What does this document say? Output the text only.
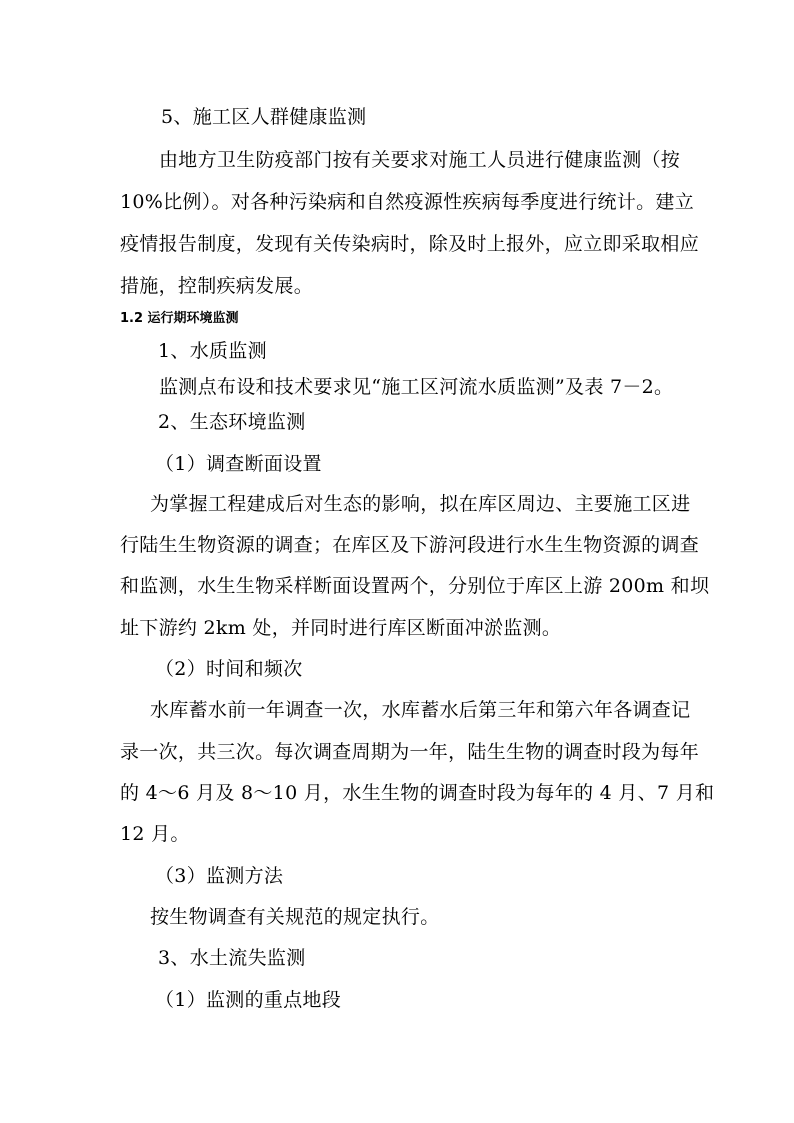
5、施工区人群健康监测
由地方卫生防疫部门按有关要求对施工人员进行健康监测（按
10%比例）。对各种污染病和自然疫源性疾病每季度进行统计。建立
疫情报告制度，发现有关传染病时，除及时上报外，应立即采取相应
措施，控制疾病发展。
1.2 运行期环境监测
1、水质监测
监测点布设和技术要求见“施工区河流水质监测”及表 7－2。
2、生态环境监测
（1）调查断面设置
为掌握工程建成后对生态的影响，拟在库区周边、主要施工区进
行陆生生物资源的调查；在库区及下游河段进行水生生物资源的调查
和监测，水生生物采样断面设置两个，分别位于库区上游 200m 和坝
址下游约 2km 处，并同时进行库区断面冲淤监测。
（2）时间和频次
水库蓄水前一年调查一次，水库蓄水后第三年和第六年各调查记
录一次，共三次。每次调查周期为一年，陆生生物的调查时段为每年
的 4～6 月及 8～10 月，水生生物的调查时段为每年的 4 月、7 月和
12 月。
（3）监测方法
按生物调查有关规范的规定执行。
3、水土流失监测
（1）监测的重点地段
